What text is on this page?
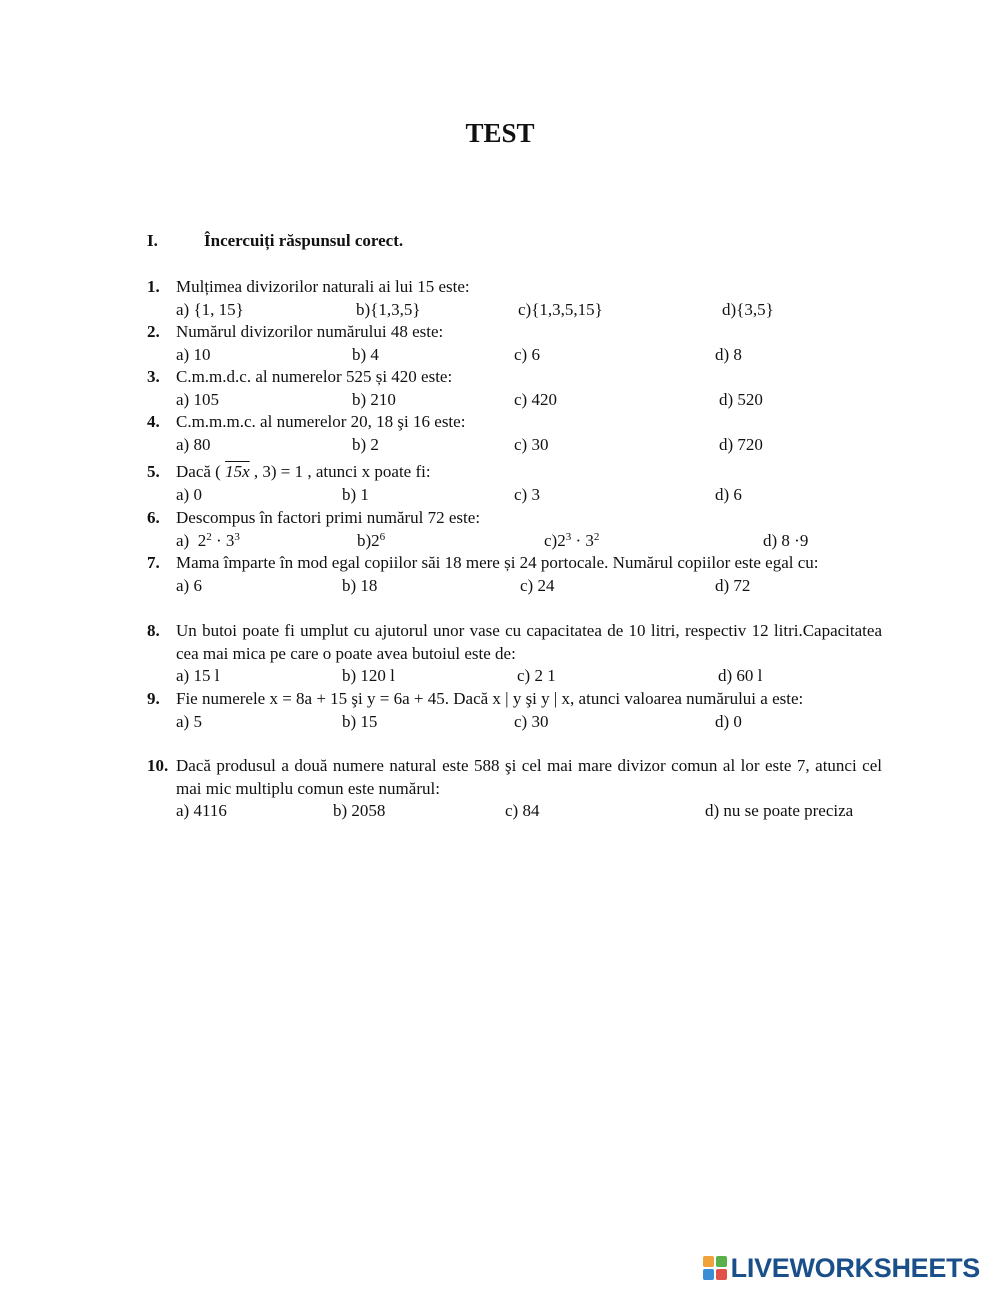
TEST
I.	Încercuiți răspunsul corect.
1. Mulțimea divizorilor naturali ai lui 15 este:
a) {1, 15}	b){1,3,5}	c){1,3,5,15}	d){3,5}
2. Numărul divizorilor numărului 48 este:
a) 10	b) 4	c) 6	d) 8
3. C.m.m.d.c. al numerelor 525 și 420 este:
a) 105	b) 210	c) 420	d) 520
4. C.m.m.m.c. al numerelor 20, 18 şi 16 este:
a) 80	b) 2	c) 30	d) 720
5. Dacă ( 15x , 3) = 1 , atunci x poate fi:
a) 0	b) 1	c) 3	d) 6
6. Descompus în factori primi numărul 72 este:
a) $2^2 \cdot 3^3$	$b)2^6$	$c)2^3 \cdot 3^2$	d) 8 ·9
7. Mama împarte în mod egal copiilor săi 18 mere și 24 portocale. Numărul copiilor este egal cu:
a) 6	b) 18	c) 24	d) 72
8. Un butoi poate fi umplut cu ajutorul unor vase cu capacitatea de 10 litri, respectiv 12 litri.Capacitatea cea mai mica pe care o poate avea butoiul este de:
a) 15 l	b) 120 l	c) 2 1	d) 60 l
9. Fie numerele x = 8a + 15 şi y = 6a + 45. Dacă x | y şi y | x, atunci valoarea numărului a este:
a) 5	b) 15	c) 30	d) 0
10. Dacă produsul a două numere natural este 588 şi cel mai mare divizor comun al lor este 7, atunci cel mai mic multiplu comun este numărul:
a) 4116	b) 2058	c) 84	d) nu se poate preciza
LIVEWORKSHEETS
